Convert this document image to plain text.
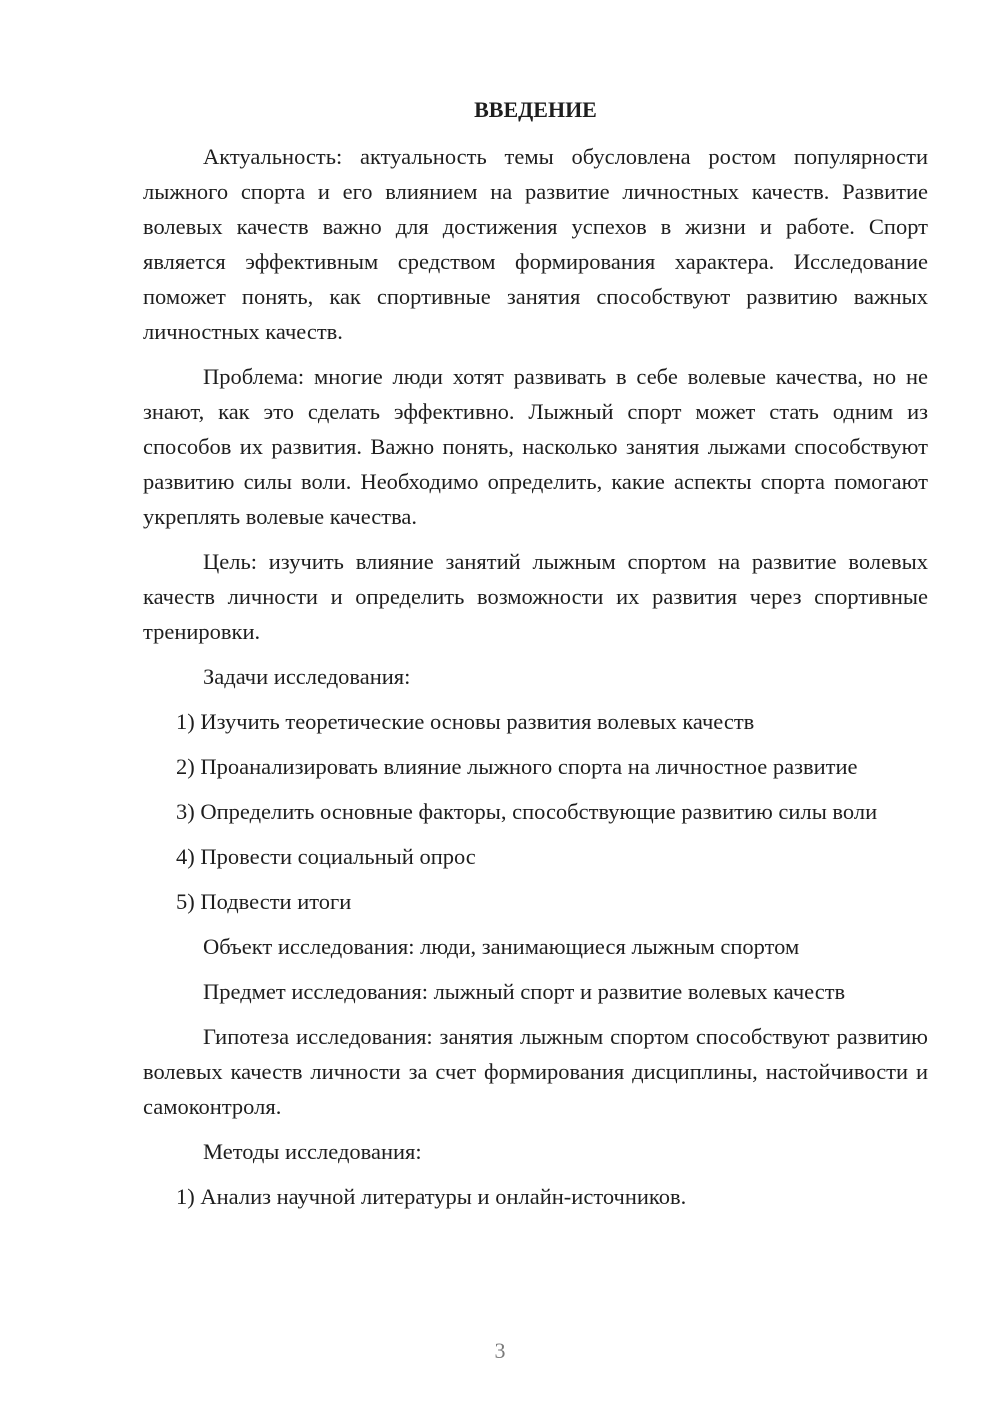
ВВЕДЕНИЕ

Актуальность: актуальность темы обусловлена ростом популярности лыжного спорта и его влиянием на развитие личностных качеств. Развитие волевых качеств важно для достижения успехов в жизни и работе. Спорт является эффективным средством формирования характера. Исследование поможет понять, как спортивные занятия способствуют развитию важных личностных качеств.

Проблема: многие люди хотят развивать в себе волевые качества, но не знают, как это сделать эффективно. Лыжный спорт может стать одним из способов их развития. Важно понять, насколько занятия лыжами способствуют развитию силы воли. Необходимо определить, какие аспекты спорта помогают укреплять волевые качества.

Цель: изучить влияние занятий лыжным спортом на развитие волевых качеств личности и определить возможности их развития через спортивные тренировки.

Задачи исследования:

1) Изучить теоретические основы развития волевых качеств

2) Проанализировать влияние лыжного спорта на личностное развитие

3) Определить основные факторы, способствующие развитию силы воли

4) Провести социальный опрос

5) Подвести итоги

Объект исследования: люди, занимающиеся лыжным спортом

Предмет исследования: лыжный спорт и развитие волевых качеств

Гипотеза исследования: занятия лыжным спортом способствуют развитию волевых качеств личности за счет формирования дисциплины, настойчивости и самоконтроля.

Методы исследования:

1) Анализ научной литературы и онлайн-источников.

3
